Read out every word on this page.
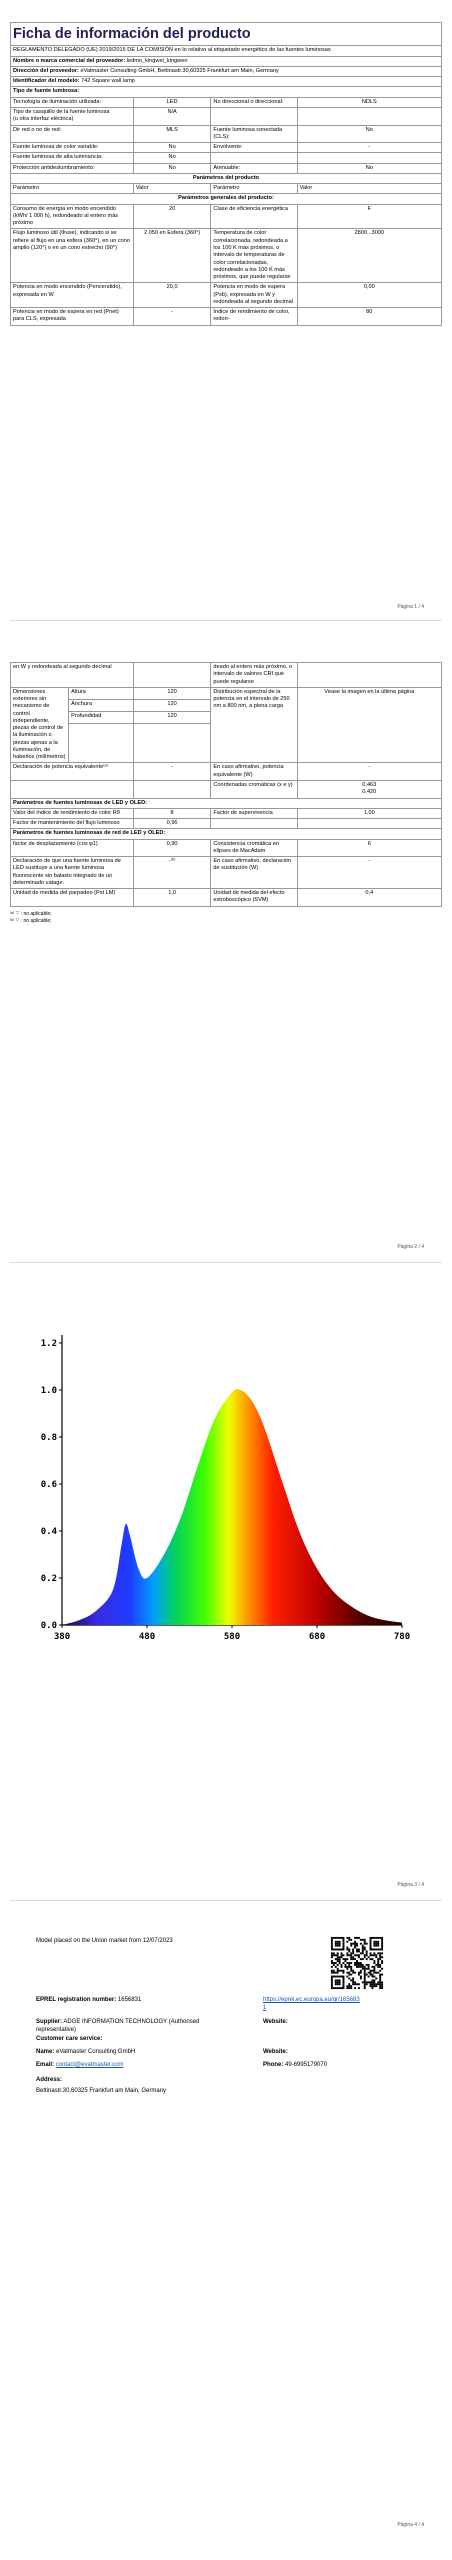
Ficha de información del producto			
REGLAMENTO DELEGADO (UE) 2019/2015 DE LA COMISIÓN en lo relativo al etiquetado energético de las fuentes luminosas			
Nombre o marca comercial del proveedor: ledmo_kingwei_kingwen			
Dirección del proveedor: eVatmaster Consulting GmbH, Bettinastr.30,60325 Frankfurt am Main, Germany			
Identificador del modelo: 742 Square wall lamp			
Tipo de fuente luminosa:			
Tecnología de iluminación utilizada:	LED	No direccional o direccional:	NDLS
Tipo de casquillo de la fuente luminosa
(u otra interfaz eléctrica)	N/A		
Dir red o no de red:	MLS	Fuente luminosa conectada (CLS):	No
Fuente luminosa de color variable:	No	Envolvente:	-
Fuente luminosa de alta luminancia:	No		
Protección antideslumbramiento:	No	Atenuable:	No
Parámetros del producto			
Parámetro	Valor	Parámetro	Valor
Parámetros generales del producto:			
Consumo de energía en modo encendido (kWh/ 1 000 h), redondeado al entero más próximo	20	Clase de eficiencia energética	F
Flujo luminoso útil (Φuse), indicando si se refiere al flujo en una esfera (360°), en un cono amplio (120°) o en un cono estrecho (90°)	2 050 en Esfera (360°)	Temperatura de color correlacionada, redondeada a los 100 K más próximos, o intervalo de temperaturas de color correlacionadas, redondeado a los 100 K más próximos, que puede regularse	2800...3000
Potencia en modo encendido (Pencendido), expresada en W	20,0	Potencia en modo de espera (Psb), expresada en W y redondeada al segundo decimal	0,00
Potencia en modo de espera en red (Pnet) para CLS, expresada	-	Índice de rendimiento de color, redon-	80
Página 1 / 4
en W y redondeada al segundo decimal			deado al entero más próximo, o intervalo de valores CRI que puede regularse	
Dimensiones exteriores sin mecanismo de control independiente, piezas de control de la iluminación o piezas ajenas a la iluminación, de haberlos (milímetros)	Altura	120	Distribución espectral de la potencia en el intervalo de 250 nm a 800 nm, a plena carga	Véase la imagen en la última página
	Anchura	120		
	Profundidad	120		

Declaración de potencia equivalente⁽ᵃ⁾		-	En caso afirmativo, potencia equivalente (W)	-
			Coordenadas cromáticas (x e y)	0,463
0,420
Parámetros de fuentes luminosas de LED y OLED:				
Valor del índice de rendimiento de color R9		8	Factor de supervivencia	1,00
Factor de mantenimiento del flujo luminoso		0,96		
Parámetros de fuentes luminosas de red de LED y OLED:				
factor de desplazamiento (cos φ1)		0,90	Consistencia cromática en elipses de MacAdam	6
Declaración de que una fuente luminosa de LED sustituye a una fuente luminosa fluorescente sin balasto integrado de un determinado vatage.		-⁽ᵇ⁾	En caso afirmativo, declaración de sustitución (W)	-
Unidad de medida del parpadeo (Pst LM)		1,0	Unidad de medida del efecto estroboscópico (SVM)	0,4
⁽ᵃ⁾ '-' : no aplicable;
⁽ᵇ⁾ '-' : no aplicable;
Página 2 / 4
0.0
0.2
0.4
0.6
0.8
1.0
1.2
380	480	580	680	780
Página 3 / 4
Model placed on the Union market from 12/07/2023
EPREL registration number: 1656831	https://eprel.ec.europa.eu/qr/1656831
Supplier: ADGE INFORMATION TECHNOLOGY (Authorised representative)
Website:
Customer care service:
Name: eVatmaster Consulting GmbH	Website:
Email: contact@evatmaster.com	Phone: 49-6995179070
Address:
Bettinastr.30,60325 Frankfurt am Main, Germany
Página 4 / 4
